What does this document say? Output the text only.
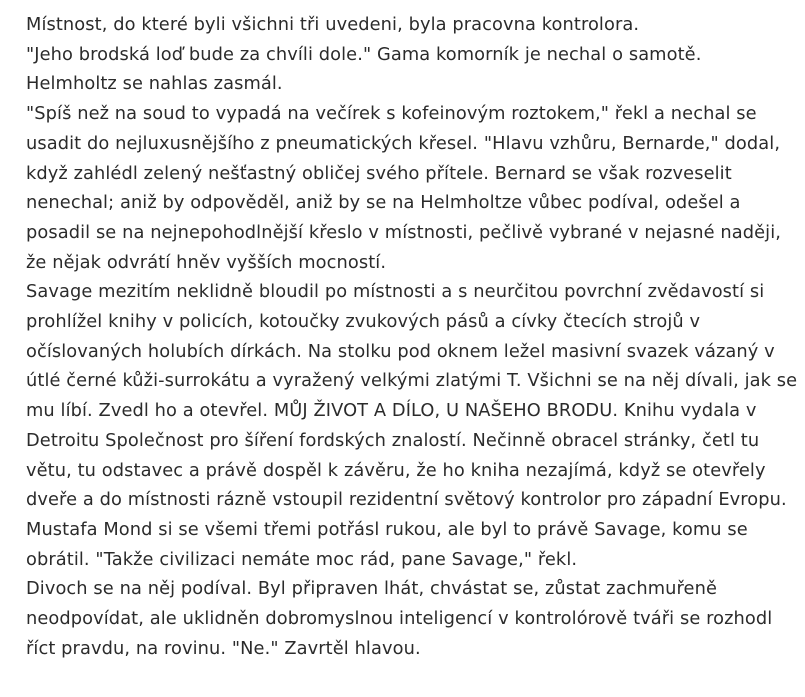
Místnost, do které byli všichni tři uvedeni, byla pracovna kontrolora.
"Jeho brodská loď bude za chvíli dole." Gama komorník je nechal o samotě.
Helmholtz se nahlas zasmál.
"Spíš než na soud to vypadá na večírek s kofeinovým roztokem," řekl a nechal se
usadit do nejluxusnějšího z pneumatických křesel. "Hlavu vzhůru, Bernarde," dodal,
když zahlédl zelený nešťastný obličej svého přítele. Bernard se však rozveselit
nenechal; aniž by odpověděl, aniž by se na Helmholtze vůbec podíval, odešel a
posadil se na nejnepohodlnější křeslo v místnosti, pečlivě vybrané v nejasné naději,
že nějak odvrátí hněv vyšších mocností.
Savage mezitím neklidně bloudil po místnosti a s neurčitou povrchní zvědavostí si
prohlížel knihy v policích, kotoučky zvukových pásů a cívky čtecích strojů v
očíslovaných holubích dírkách. Na stolku pod oknem ležel masivní svazek vázaný v
útlé černé kůži-surrokátu a vyražený velkými zlatými T. Všichni se na něj dívali, jak se
mu líbí. Zvedl ho a otevřel. MŮJ ŽIVOT A DÍLO, U NAŠEHO BRODU. Knihu vydala v
Detroitu Společnost pro šíření fordských znalostí. Nečinně obracel stránky, četl tu
větu, tu odstavec a právě dospěl k závěru, že ho kniha nezajímá, když se otevřely
dveře a do místnosti rázně vstoupil rezidentní světový kontrolor pro západní Evropu.
Mustafa Mond si se všemi třemi potřásl rukou, ale byl to právě Savage, komu se
obrátil. "Takže civilizaci nemáte moc rád, pane Savage," řekl.
Divoch se na něj podíval. Byl připraven lhát, chvástat se, zůstat zachmuřeně
neodpovídat, ale uklidněn dobromyslnou inteligencí v kontrolórově tváři se rozhodl
říct pravdu, na rovinu. "Ne." Zavrtěl hlavou.
